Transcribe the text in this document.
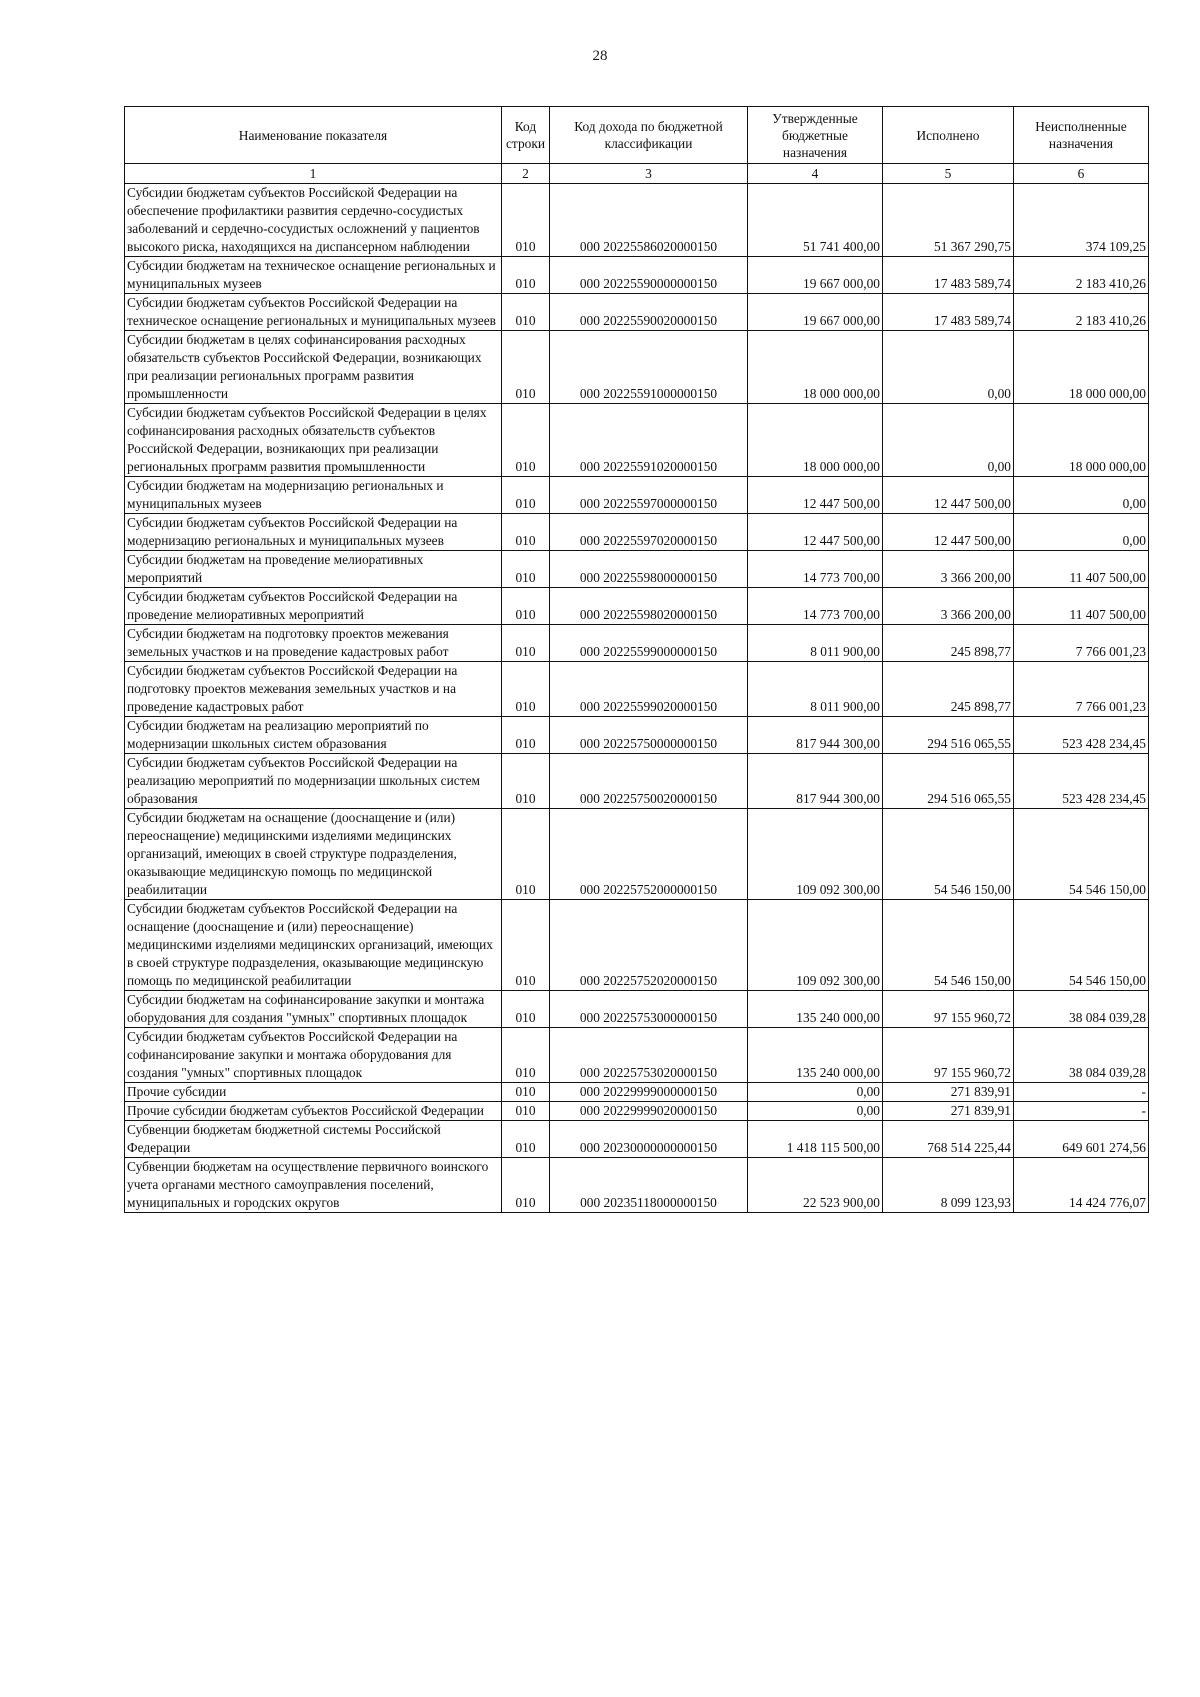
28
Наименование показателя	Код строки	Код дохода по бюджетной классификации	Утвержденные бюджетные назначения	Исполнено	Неисполненные назначения
1	2	3	4	5	6
Субсидии бюджетам субъектов Российской Федерации на обеспечение профилактики развития сердечно-сосудистых заболеваний и сердечно-сосудистых осложнений у пациентов высокого риска, находящихся на диспансерном наблюдении	010	000 20225586020000150	51 741 400,00	51 367 290,75	374 109,25
Субсидии бюджетам на техническое оснащение региональных и муниципальных музеев	010	000 20225590000000150	19 667 000,00	17 483 589,74	2 183 410,26
Субсидии бюджетам субъектов Российской Федерации на техническое оснащение региональных и муниципальных музеев	010	000 20225590020000150	19 667 000,00	17 483 589,74	2 183 410,26
Субсидии бюджетам в целях софинансирования расходных обязательств субъектов Российской Федерации, возникающих при реализации региональных программ развития промышленности	010	000 20225591000000150	18 000 000,00	0,00	18 000 000,00
Субсидии бюджетам субъектов Российской Федерации в целях софинансирования расходных обязательств субъектов Российской Федерации, возникающих при реализации региональных программ развития промышленности	010	000 20225591020000150	18 000 000,00	0,00	18 000 000,00
Субсидии бюджетам на модернизацию региональных и муниципальных музеев	010	000 20225597000000150	12 447 500,00	12 447 500,00	0,00
Субсидии бюджетам субъектов Российской Федерации на модернизацию региональных и муниципальных музеев	010	000 20225597020000150	12 447 500,00	12 447 500,00	0,00
Субсидии бюджетам на проведение мелиоративных мероприятий	010	000 20225598000000150	14 773 700,00	3 366 200,00	11 407 500,00
Субсидии бюджетам субъектов Российской Федерации на проведение мелиоративных мероприятий	010	000 20225598020000150	14 773 700,00	3 366 200,00	11 407 500,00
Субсидии бюджетам на подготовку проектов межевания земельных участков и на проведение кадастровых работ	010	000 20225599000000150	8 011 900,00	245 898,77	7 766 001,23
Субсидии бюджетам субъектов Российской Федерации на подготовку проектов межевания земельных участков и на проведение кадастровых работ	010	000 20225599020000150	8 011 900,00	245 898,77	7 766 001,23
Субсидии бюджетам на реализацию мероприятий по модернизации школьных систем образования	010	000 20225750000000150	817 944 300,00	294 516 065,55	523 428 234,45
Субсидии бюджетам субъектов Российской Федерации на реализацию мероприятий по модернизации школьных систем образования	010	000 20225750020000150	817 944 300,00	294 516 065,55	523 428 234,45
Субсидии бюджетам на оснащение (дооснащение и (или) переоснащение) медицинскими изделиями медицинских организаций, имеющих в своей структуре подразделения, оказывающие медицинскую помощь по медицинской реабилитации	010	000 20225752000000150	109 092 300,00	54 546 150,00	54 546 150,00
Субсидии бюджетам субъектов Российской Федерации на оснащение (дооснащение и (или) переоснащение) медицинскими изделиями медицинских организаций, имеющих в своей структуре подразделения, оказывающие медицинскую помощь по медицинской реабилитации	010	000 20225752020000150	109 092 300,00	54 546 150,00	54 546 150,00
Субсидии бюджетам на софинансирование закупки и монтажа оборудования для создания "умных" спортивных площадок	010	000 20225753000000150	135 240 000,00	97 155 960,72	38 084 039,28
Субсидии бюджетам субъектов Российской Федерации на софинансирование закупки и монтажа оборудования для создания "умных" спортивных площадок	010	000 20225753020000150	135 240 000,00	97 155 960,72	38 084 039,28
Прочие субсидии	010	000 20229999000000150	0,00	271 839,91	-
Прочие субсидии бюджетам субъектов Российской Федерации	010	000 20229999020000150	0,00	271 839,91	-
Субвенции бюджетам бюджетной системы Российской Федерации	010	000 20230000000000150	1 418 115 500,00	768 514 225,44	649 601 274,56
Субвенции бюджетам на осуществление первичного воинского учета органами местного самоуправления поселений, муниципальных и городских округов	010	000 20235118000000150	22 523 900,00	8 099 123,93	14 424 776,07
